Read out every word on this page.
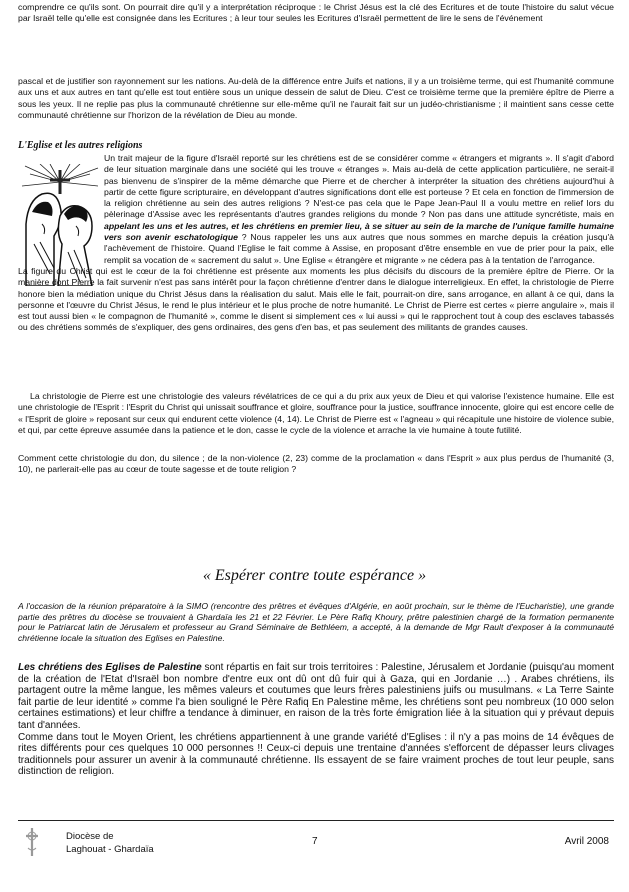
comprendre ce qu'ils sont. On pourrait dire qu'il y a interprétation réciproque : le Christ Jésus est la clé des Ecritures et de toute l'histoire du salut vécue par Israël telle qu'elle est consignée dans les Ecritures ; à leur tour seules les Ecritures d'Israël permettent de lire le sens de l'événement

pascal et de justifier son rayonnement sur les nations. Au-delà de la différence entre Juifs et nations, il y a un troisième terme, qui est l'humanité commune aux uns et aux autres en tant qu'elle est tout entière sous un unique dessein de salut de Dieu. C'est ce troisième terme que la première épître de Pierre a sous les yeux. Il ne replie pas plus la communauté chrétienne sur elle-même qu'il ne l'aurait fait sur un judéo-christianisme ; il maintient sans cesse cette communauté chrétienne sur l'horizon de la révélation de Dieu au monde.

L'Eglise et les autres religions

Un trait majeur de la figure d'Israël reporté sur les chrétiens est de se considérer comme « étrangers et migrants ». Il s'agit d'abord de leur situation marginale dans une société qui les trouve « étranges ». Mais au-delà de cette application particulière, ne serait-il pas bienvenu de s'inspirer de la même démarche que Pierre et de chercher à interpréter la situation des chrétiens aujourd'hui à partir de cette figure scripturaire, en développant d'autres significations dont elle est porteuse ? Et cela en fonction de l'immersion de la religion chrétienne au sein des autres religions ? N'est-ce pas cela que le Pape Jean-Paul II a voulu mettre en relief lors du pèlerinage d'Assise avec les représentants d'autres grandes religions du monde ? Non pas dans une attitude syncrétiste, mais en appelant les uns et les autres, et les chrétiens en premier lieu, à se situer au sein de la marche de l'unique famille humaine vers son avenir eschatologique ? Nous rappeler les uns aux autres que nous sommes en marche depuis la création jusqu'à l'achèvement de l'histoire. Quand l'Eglise le fait comme à Assise, en proposant d'être ensemble en vue de prier pour la paix, elle remplit sa vocation de « sacrement du salut ». Une Eglise « étrangère et migrante » ne cédera pas à la tentation de l'arrogance.

La figure du Christ qui est le cœur de la foi chrétienne est présente aux moments les plus décisifs du discours de la première épître de Pierre. Or la manière dont Pierre la fait survenir n'est pas sans intérêt pour la façon chrétienne d'entrer dans le dialogue interreligieux. En effet, la christologie de Pierre honore bien la médiation unique du Christ Jésus dans la réalisation du salut. Mais elle le fait, pourrait-on dire, sans arrogance, en allant à ce qui, dans la personne et l'œuvre du Christ Jésus, le rend le plus intérieur et le plus proche de notre humanité. Le Christ de Pierre est certes « pierre angulaire », mais il est tout aussi bien « le compagnon de l'humanité », comme le disent si simplement ces « lui aussi » qui le rapprochent tout à coup des esclaves tabassés ou des chrétiens sommés de s'expliquer, des gens ordinaires, des gens d'en bas, et pas seulement des militants de grandes causes.

La christologie de Pierre est une christologie des valeurs révélatrices de ce qui a du prix aux yeux de Dieu et qui valorise l'existence humaine. Elle est une christologie de l'Esprit : l'Esprit du Christ qui unissait souffrance et gloire, souffrance pour la justice, souffrance innocente, gloire qui est encore celle de « l'Esprit de gloire » reposant sur ceux qui endurent cette violence (4, 14). Le Christ de Pierre est « l'agneau » qui récapitule une histoire de violence subie, et qui, par cette épreuve assumée dans la patience et le don, casse le cycle de la violence et arrache la vie humaine à toute futilité.

Comment cette christologie du don, du silence ; de la non-violence (2, 23) comme de la proclamation « dans l'Esprit » aux plus perdus de l'humanité (3, 10), ne parlerait-elle pas au cœur de toute sagesse et de toute religion ?

« Espérer contre toute espérance »
A l'occasion de la réunion préparatoire à la SIMO (rencontre des prêtres et évêques d'Algérie, en août prochain, sur le thème de l'Eucharistie), une grande partie des prêtres du diocèse se trouvaient à Ghardaïa les 21 et 22 Février. Le Père Rafiq Khoury, prêtre palestinien chargé de la formation permanente pour le Patriarcat latin de Jérusalem et professeur au Grand Séminaire de Bethléem, a accepté, à la demande de Mgr Rault d'exposer à la communauté chrétienne locale la situation des Eglises en Palestine.
Les chrétiens des Eglises de Palestine sont répartis en fait sur trois territoires : Palestine, Jérusalem et Jordanie (puisqu'au moment de la création de l'Etat d'Israël bon nombre d'entre eux ont dû ont dû fuir qui à Gaza, qui en Jordanie …) . Arabes chrétiens, ils partagent outre la même langue, les mêmes valeurs et coutumes que leurs frères palestiniens juifs ou musulmans. « La Terre Sainte fait partie de leur identité » comme l'a bien souligné le Père Rafiq En Palestine même, les chrétiens sont peu nombreux (10 000 selon certaines estimations) et leur chiffre a tendance à diminuer, en raison de la très forte émigration liée à la situation qui y prévaut depuis tant d'années.
Comme dans tout le Moyen Orient, les chrétiens appartiennent à une grande variété d'Eglises : il n'y a pas moins de 14 évêques de rites différents pour ces quelques 10 000 personnes !! Ceux-ci depuis une trentaine d'années s'efforcent de dépasser leurs clivages traditionnels pour assurer un avenir à la communauté chrétienne. Ils essayent de se faire vraiment proches de tout leur peuple, sans distinction de religion.
Diocèse de
Laghouat - Ghardaïa
7	Avril 2008
